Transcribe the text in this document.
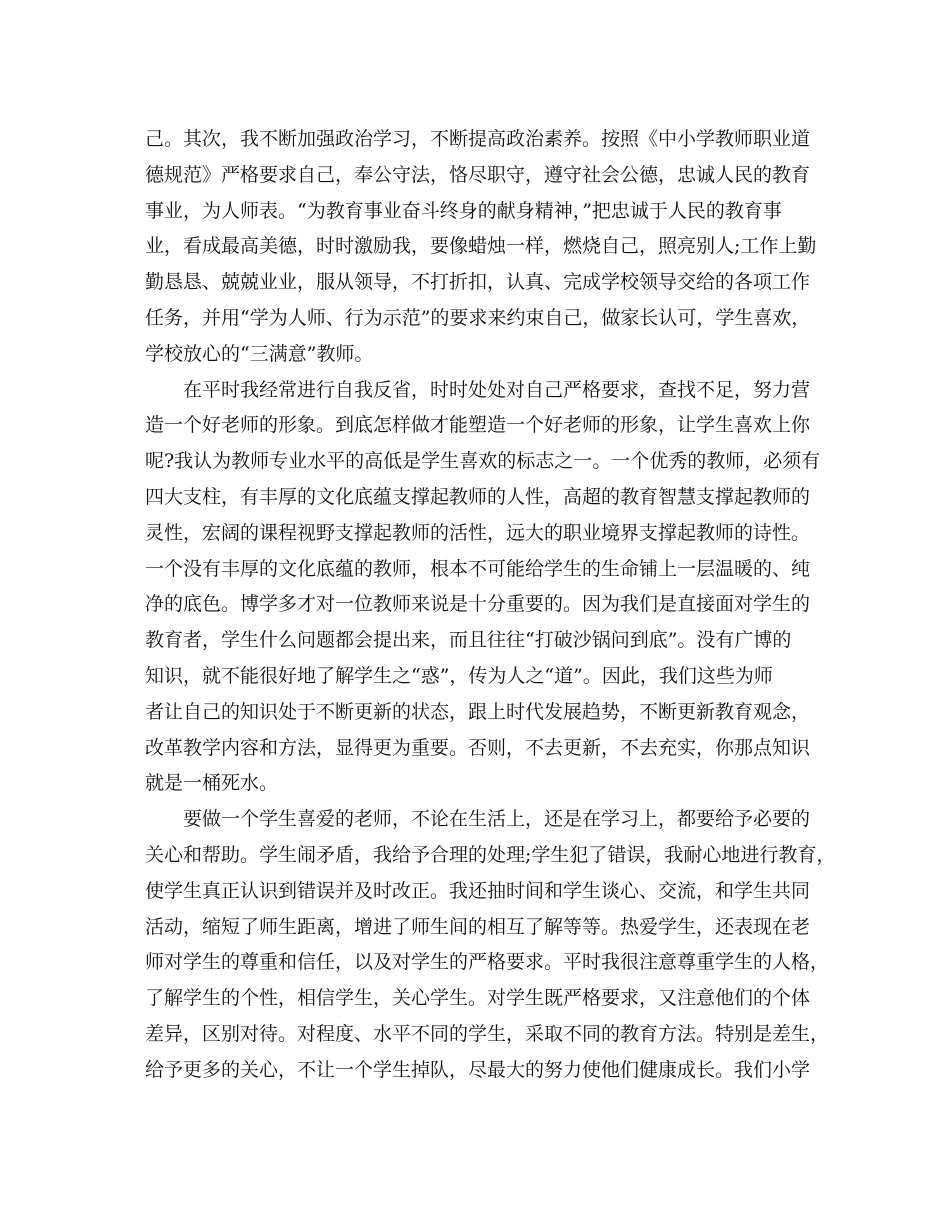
己。其次，我不断加强政治学习，不断提高政治素养。按照《中小学教师职业道
德规范》严格要求自己，奉公守法，恪尽职守，遵守社会公德，忠诚人民的教育
事业，为人师表。“为教育事业奋斗终身的献身精神，”把忠诚于人民的教育事
业，看成最高美德，时时激励我，要像蜡烛一样，燃烧自己，照亮别人;工作上勤
勤恳恳、兢兢业业，服从领导，不打折扣，认真、完成学校领导交给的各项工作
任务，并用“学为人师、行为示范”的要求来约束自己，做家长认可，学生喜欢，
学校放心的“三满意”教师。
在平时我经常进行自我反省，时时处处对自己严格要求，查找不足，努力营
造一个好老师的形象。到底怎样做才能塑造一个好老师的形象，让学生喜欢上你
呢?我认为教师专业水平的高低是学生喜欢的标志之一。一个优秀的教师，必须有
四大支柱，有丰厚的文化底蕴支撑起教师的人性，高超的教育智慧支撑起教师的
灵性，宏阔的课程视野支撑起教师的活性，远大的职业境界支撑起教师的诗性。
一个没有丰厚的文化底蕴的教师，根本不可能给学生的生命铺上一层温暖的、纯
净的底色。博学多才对一位教师来说是十分重要的。因为我们是直接面对学生的
教育者，学生什么问题都会提出来，而且往往“打破沙锅问到底”。没有广博的
知识，就不能很好地了解学生之“惑”，传为人之“道”。因此，我们这些为师
者让自己的知识处于不断更新的状态，跟上时代发展趋势，不断更新教育观念，
改革教学内容和方法，显得更为重要。否则，不去更新，不去充实，你那点知识
就是一桶死水。
要做一个学生喜爱的老师，不论在生活上，还是在学习上，都要给予必要的
关心和帮助。学生闹矛盾，我给予合理的处理;学生犯了错误，我耐心地进行教育，
使学生真正认识到错误并及时改正。我还抽时间和学生谈心、交流，和学生共同
活动，缩短了师生距离，增进了师生间的相互了解等等。热爱学生，还表现在老
师对学生的尊重和信任，以及对学生的严格要求。平时我很注意尊重学生的人格，
了解学生的个性，相信学生，关心学生。对学生既严格要求，又注意他们的个体
差异，区别对待。对程度、水平不同的学生，采取不同的教育方法。特别是差生，
给予更多的关心，不让一个学生掉队，尽最大的努力使他们健康成长。我们小学
